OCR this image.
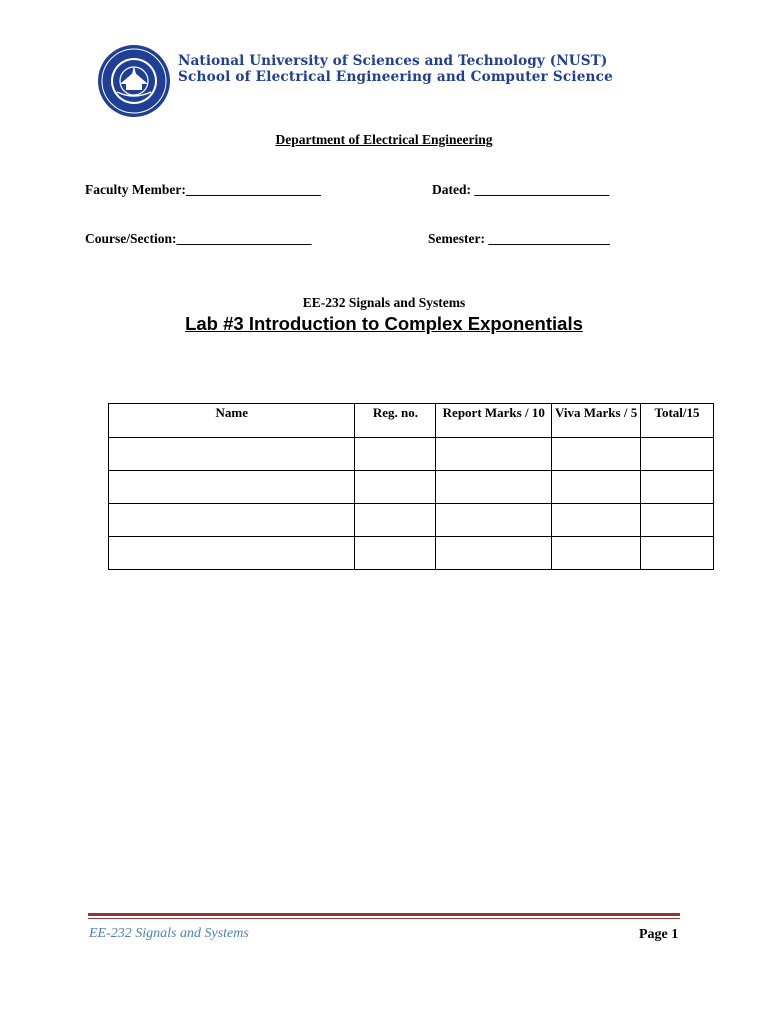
National University of Sciences and Technology (NUST)
School of Electrical Engineering and Computer Science
Department of Electrical Engineering
Faculty Member:____________________	Dated: ____________________
Course/Section:____________________	Semester: __________________
EE-232 Signals and Systems
Lab #3 Introduction to Complex Exponentials
Name	Reg. no.	Report Marks / 10	Viva Marks / 5	Total/15

EE-232 Signals and Systems	Page 1
